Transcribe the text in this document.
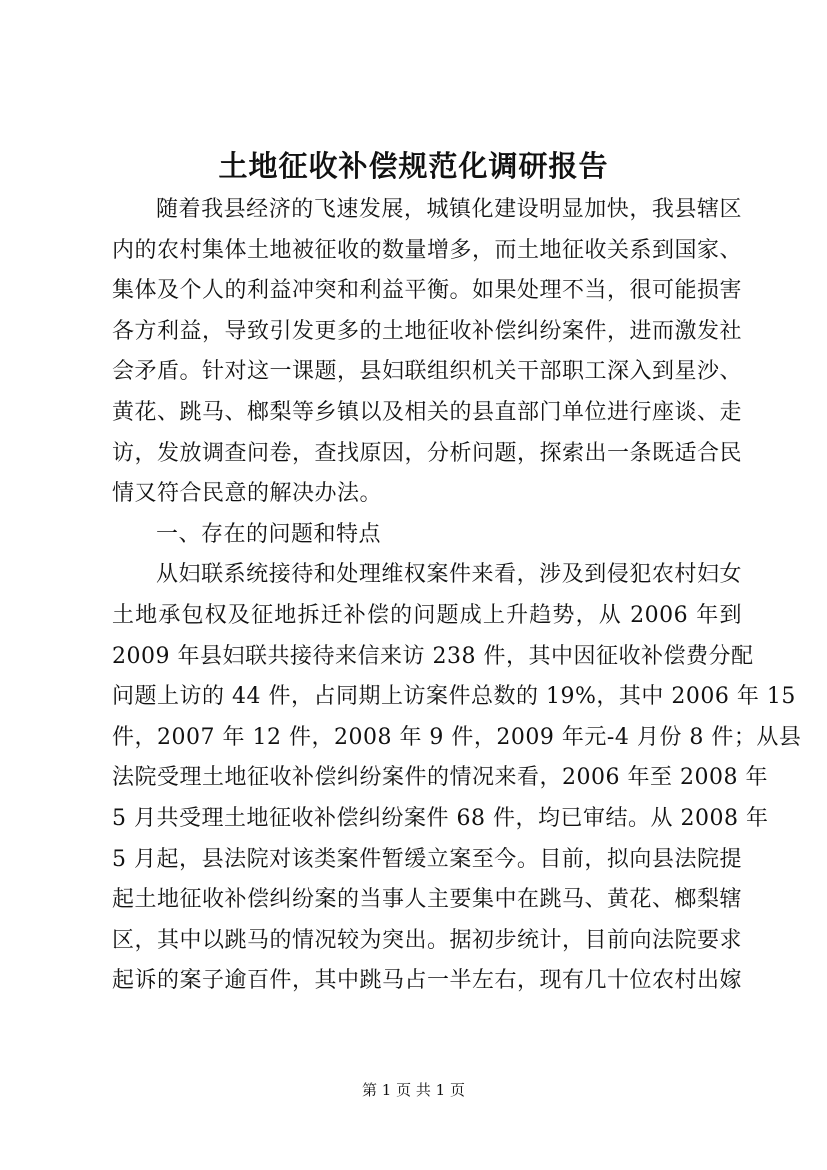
土地征收补偿规范化调研报告
随着我县经济的飞速发展，城镇化建设明显加快，我县辖区
内的农村集体土地被征收的数量增多，而土地征收关系到国家、
集体及个人的利益冲突和利益平衡。如果处理不当，很可能损害
各方利益，导致引发更多的土地征收补偿纠纷案件，进而激发社
会矛盾。针对这一课题，县妇联组织机关干部职工深入到星沙、
黄花、跳马、榔梨等乡镇以及相关的县直部门单位进行座谈、走
访，发放调查问卷，查找原因，分析问题，探索出一条既适合民
情又符合民意的解决办法。
一、存在的问题和特点
从妇联系统接待和处理维权案件来看，涉及到侵犯农村妇女
土地承包权及征地拆迁补偿的问题成上升趋势，从 2006 年到
2009 年县妇联共接待来信来访 238 件，其中因征收补偿费分配
问题上访的 44 件，占同期上访案件总数的 19%，其中 2006 年 15
件，2007 年 12 件，2008 年 9 件，2009 年元-4 月份 8 件；从县
法院受理土地征收补偿纠纷案件的情况来看，2006 年至 2008 年
5 月共受理土地征收补偿纠纷案件 68 件，均已审结。从 2008 年
5 月起，县法院对该类案件暂缓立案至今。目前，拟向县法院提
起土地征收补偿纠纷案的当事人主要集中在跳马、黄花、榔梨辖
区，其中以跳马的情况较为突出。据初步统计，目前向法院要求
起诉的案子逾百件，其中跳马占一半左右，现有几十位农村出嫁
第 1 页 共 1 页
